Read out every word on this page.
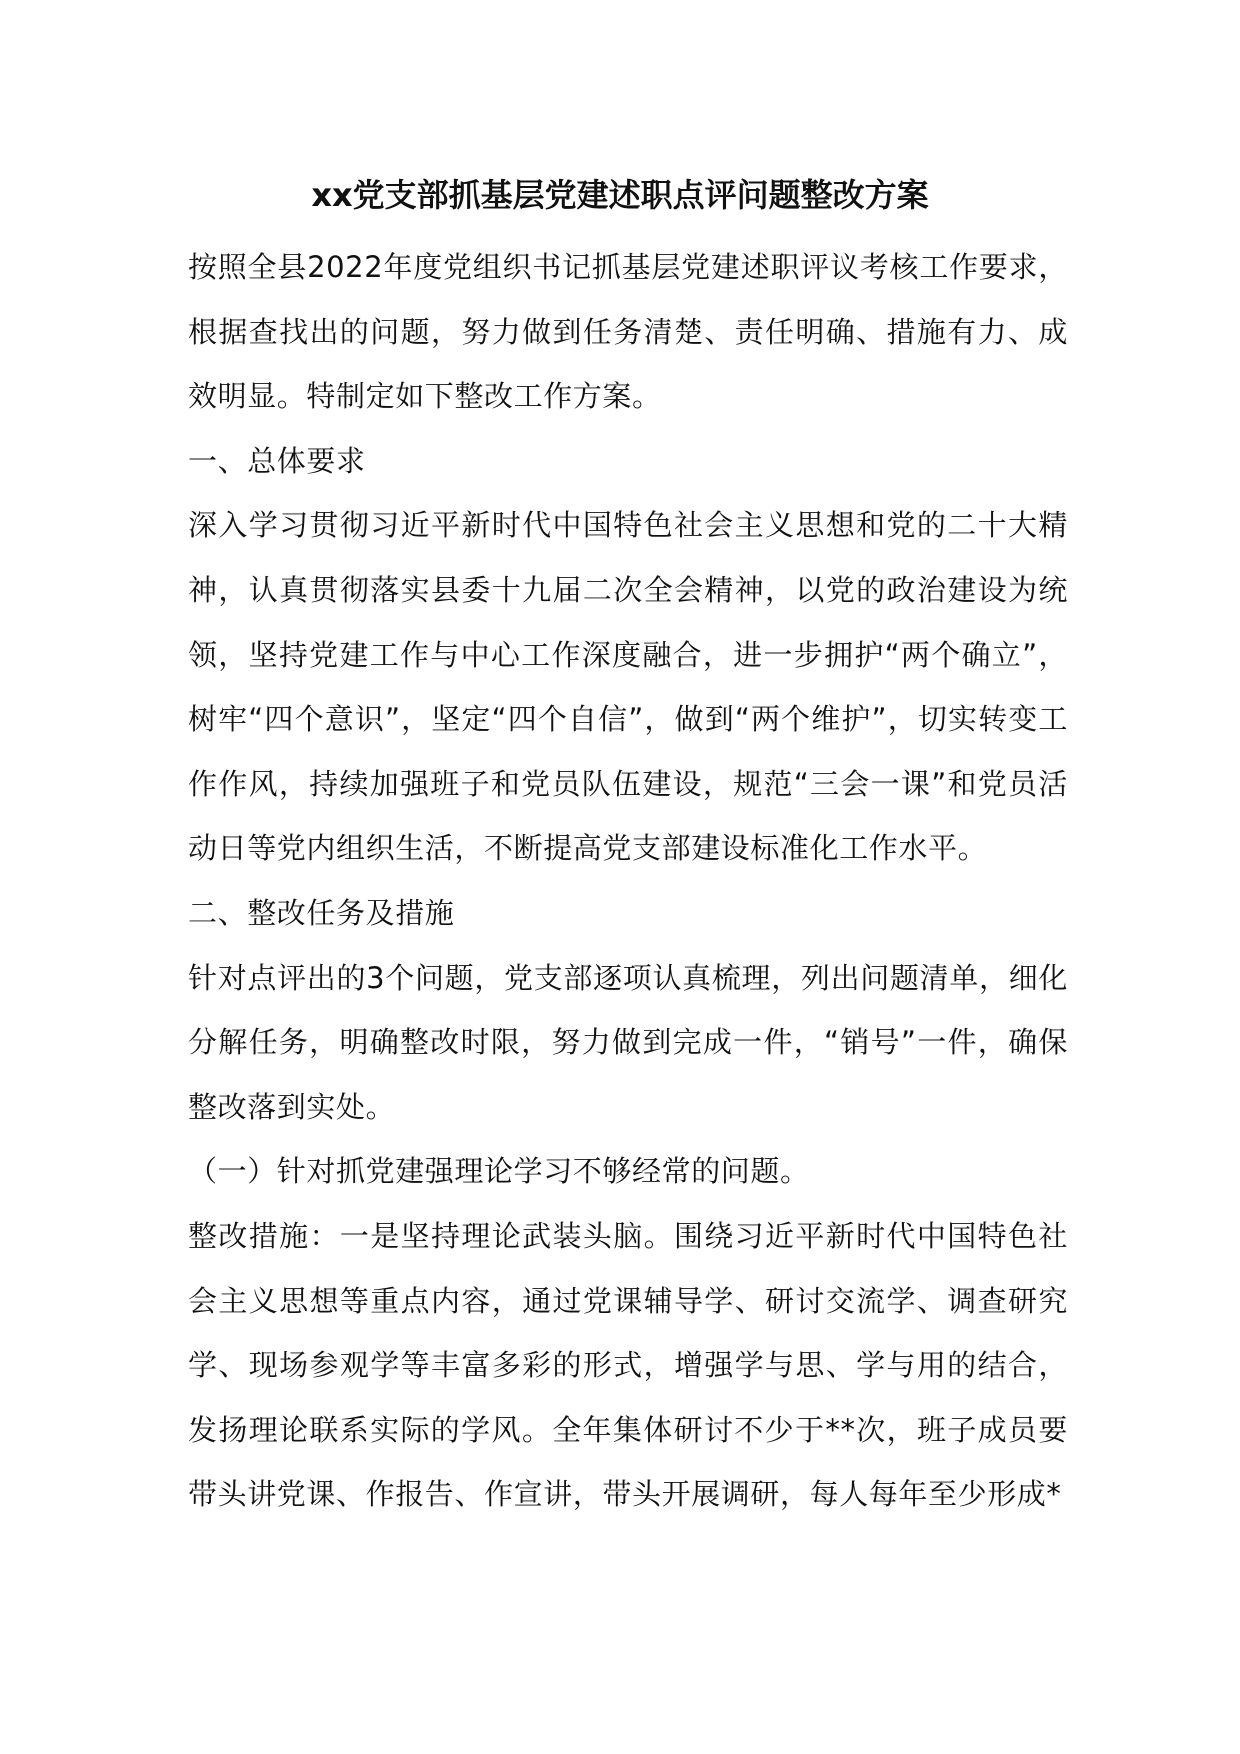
xx党支部抓基层党建述职点评问题整改方案

按照全县2022年度党组织书记抓基层党建述职评议考核工作要求，根据查找出的问题，努力做到任务清楚、责任明确、措施有力、成效明显。特制定如下整改工作方案。

一、总体要求

深入学习贯彻习近平新时代中国特色社会主义思想和党的二十大精神，认真贯彻落实县委十九届二次全会精神，以党的政治建设为统领，坚持党建工作与中心工作深度融合，进一步拥护“两个确立”，树牢“四个意识”，坚定“四个自信”，做到“两个维护”，切实转变工作作风，持续加强班子和党员队伍建设，规范“三会一课”和党员活动日等党内组织生活，不断提高党支部建设标准化工作水平。

二、整改任务及措施

针对点评出的3个问题，党支部逐项认真梳理，列出问题清单，细化分解任务，明确整改时限，努力做到完成一件，“销号”一件，确保整改落到实处。

（一）针对抓党建强理论学习不够经常的问题。

整改措施：一是坚持理论武装头脑。围绕习近平新时代中国特色社会主义思想等重点内容，通过党课辅导学、研讨交流学、调查研究学、现场参观学等丰富多彩的形式，增强学与思、学与用的结合，发扬理论联系实际的学风。全年集体研讨不少于**次，班子成员要带头讲党课、作报告、作宣讲，带头开展调研，每人每年至少形成*
